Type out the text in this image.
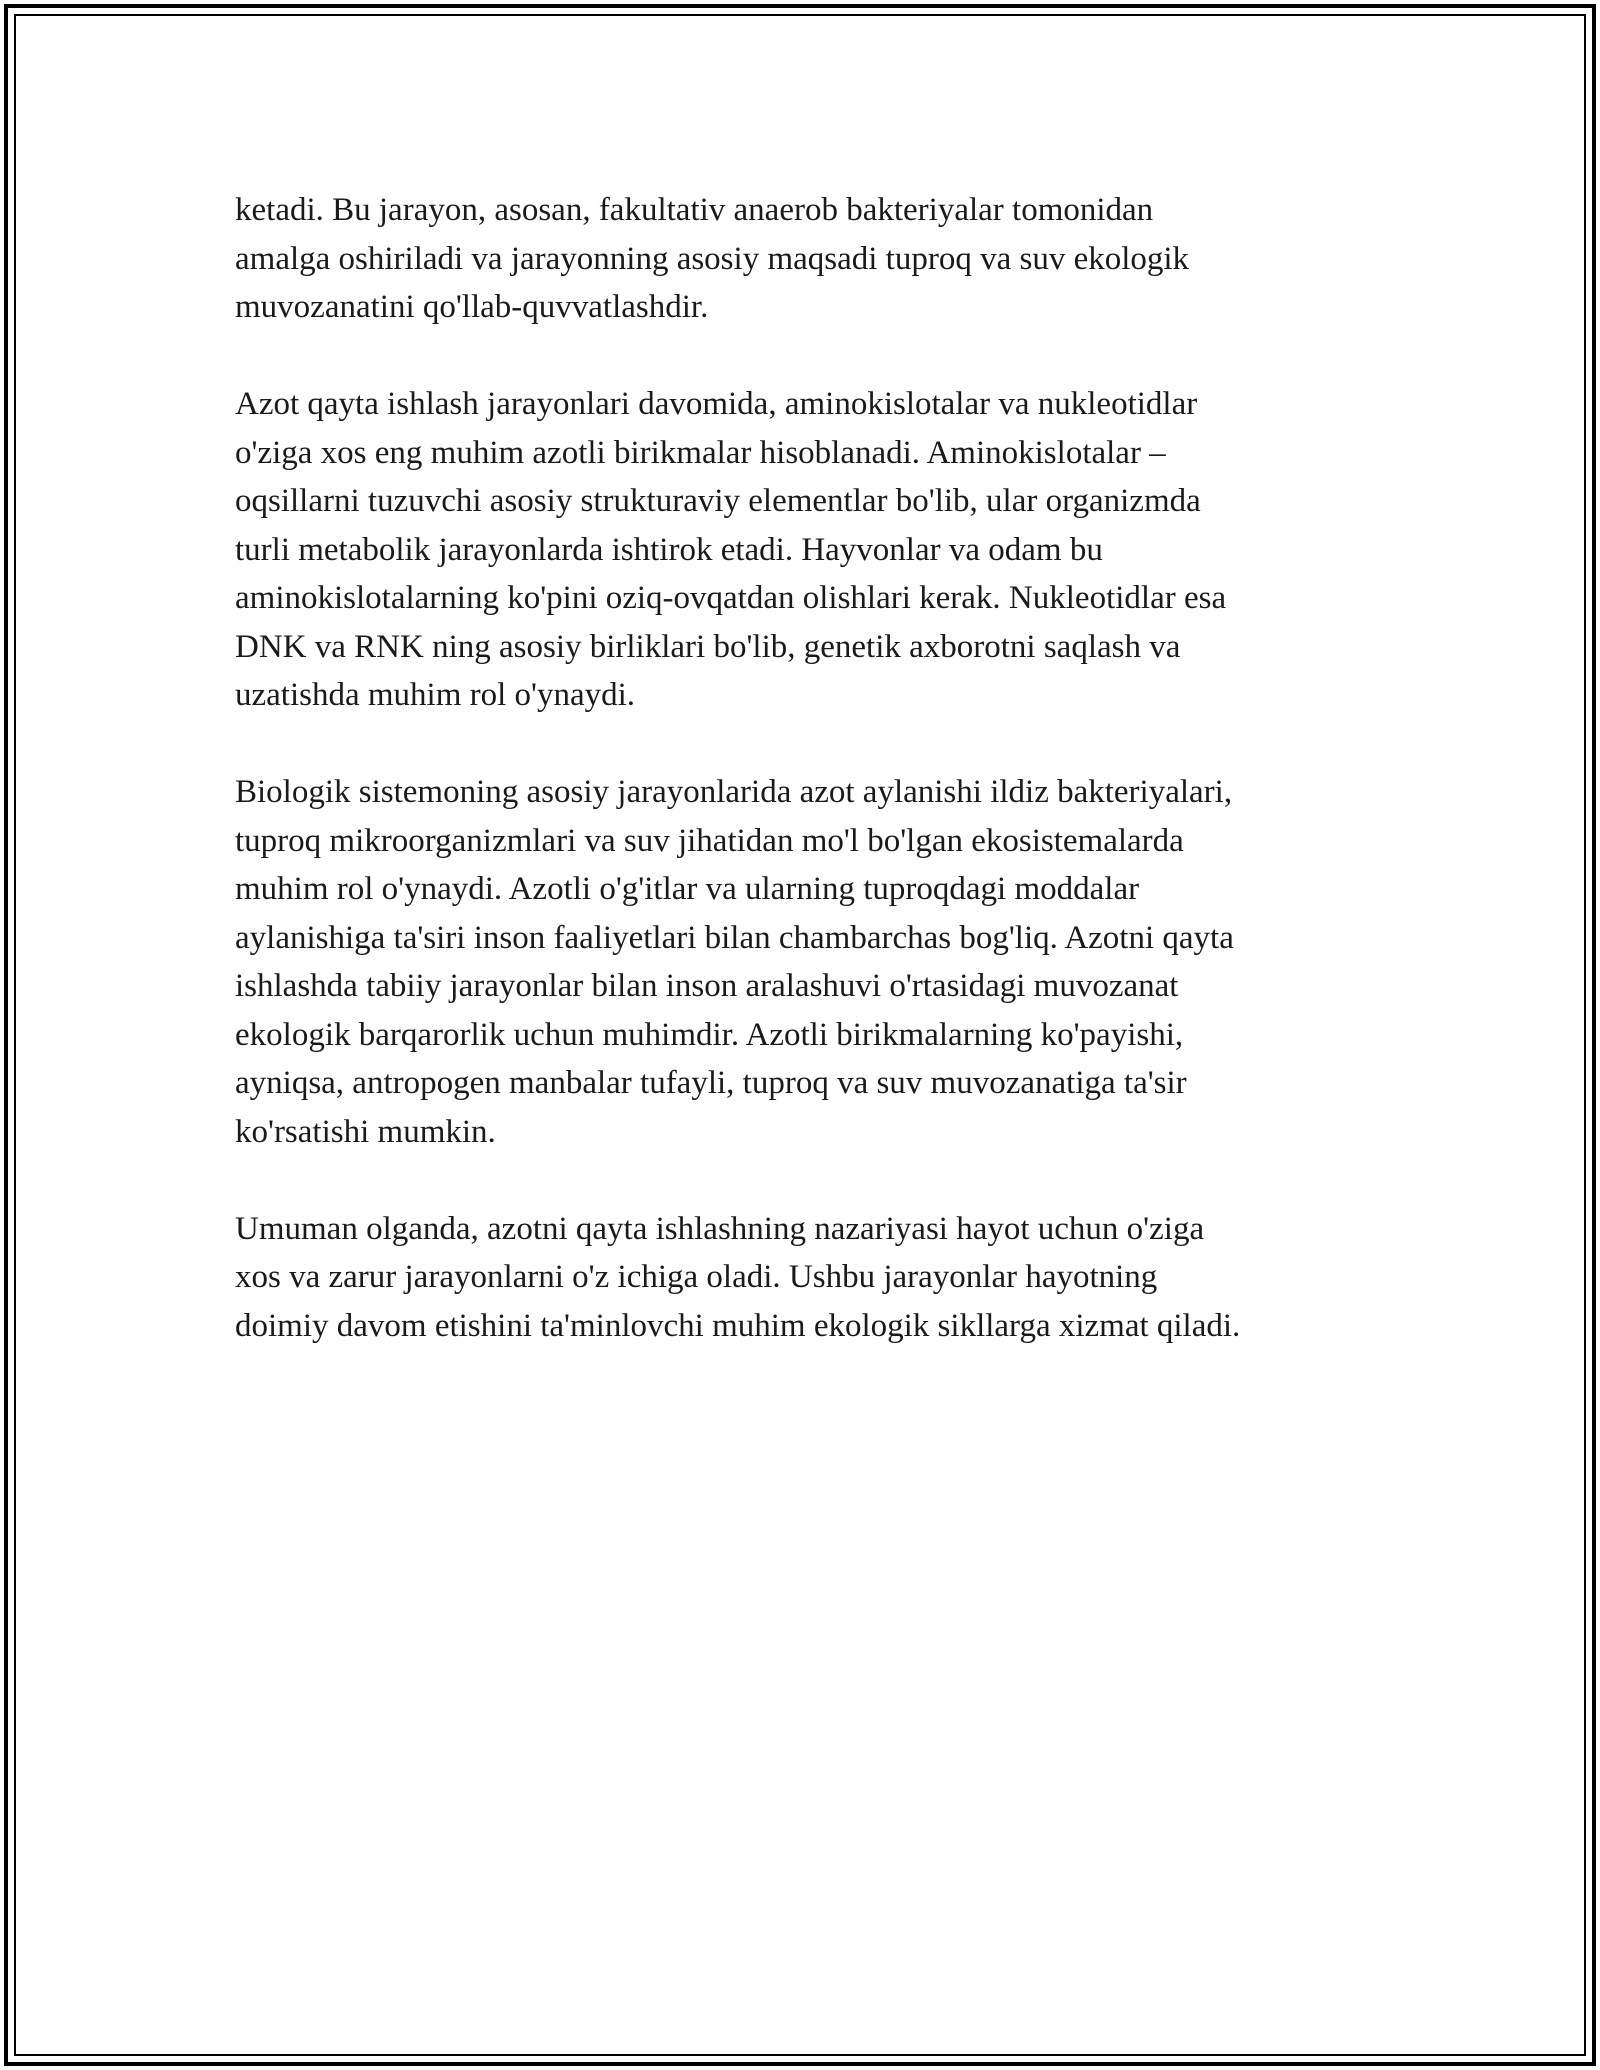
ketadi. Bu jarayon, asosan, fakultativ anaerob bakteriyalar tomonidan
amalga oshiriladi va jarayonning asosiy maqsadi tuproq va suv ekologik
muvozanatini qo'llab-quvvatlashdir.

Azot qayta ishlash jarayonlari davomida, aminokislotalar va nukleotidlar
o'ziga xos eng muhim azotli birikmalar hisoblanadi. Aminokislotalar –
oqsillarni tuzuvchi asosiy strukturaviy elementlar bo'lib, ular organizmda
turli metabolik jarayonlarda ishtirok etadi. Hayvonlar va odam bu
aminokislotalarning ko'pini oziq-ovqatdan olishlari kerak. Nukleotidlar esa
DNK va RNK ning asosiy birliklari bo'lib, genetik axborotni saqlash va
uzatishda muhim rol o'ynaydi.

Biologik sistemoning asosiy jarayonlarida azot aylanishi ildiz bakteriyalari,
tuproq mikroorganizmlari va suv jihatidan mo'l bo'lgan ekosistemalarda
muhim rol o'ynaydi. Azotli o'g'itlar va ularning tuproqdagi moddalar
aylanishiga ta'siri inson faaliyetlari bilan chambarchas bog'liq. Azotni qayta
ishlashda tabiiy jarayonlar bilan inson aralashuvi o'rtasidagi muvozanat
ekologik barqarorlik uchun muhimdir. Azotli birikmalarning ko'payishi,
ayniqsa, antropogen manbalar tufayli, tuproq va suv muvozanatiga ta'sir
ko'rsatishi mumkin.

Umuman olganda, azotni qayta ishlashning nazariyasi hayot uchun o'ziga
xos va zarur jarayonlarni o'z ichiga oladi. Ushbu jarayonlar hayotning
doimiy davom etishini ta'minlovchi muhim ekologik sikllarga xizmat qiladi.
